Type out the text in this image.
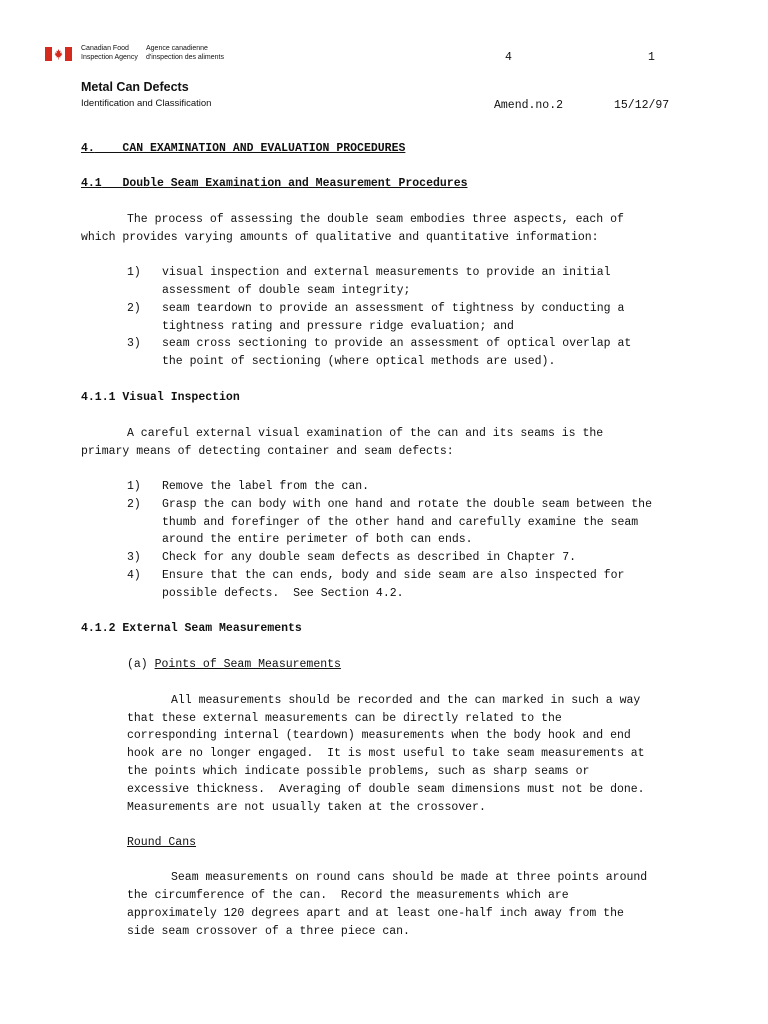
Canadian Food
Inspection Agency
Agence canadienne
d'inspection des aliments	4	1
Metal Can Defects
Identification and Classification	Amend.no.2	15/12/97
4. CAN EXAMINATION AND EVALUATION PROCEDURES
4.1 Double Seam Examination and Measurement Procedures
The process of assessing the double seam embodies three aspects, each of
which provides varying amounts of qualitative and quantitative information:
1) visual inspection and external measurements to provide an initial
assessment of double seam integrity;
2) seam teardown to provide an assessment of tightness by conducting a
tightness rating and pressure ridge evaluation; and
3) seam cross sectioning to provide an assessment of optical overlap at
the point of sectioning (where optical methods are used).
4.1.1 Visual Inspection
A careful external visual examination of the can and its seams is the
primary means of detecting container and seam defects:
1) Remove the label from the can.
2) Grasp the can body with one hand and rotate the double seam between the
thumb and forefinger of the other hand and carefully examine the seam
around the entire perimeter of both can ends.
3) Check for any double seam defects as described in Chapter 7.
4) Ensure that the can ends, body and side seam are also inspected for
possible defects.  See Section 4.2.
4.1.2 External Seam Measurements
(a) Points of Seam Measurements
All measurements should be recorded and the can marked in such a way
that these external measurements can be directly related to the
corresponding internal (teardown) measurements when the body hook and end
hook are no longer engaged.  It is most useful to take seam measurements at
the points which indicate possible problems, such as sharp seams or
excessive thickness.  Averaging of double seam dimensions must not be done.
Measurements are not usually taken at the crossover.
Round Cans
Seam measurements on round cans should be made at three points around
the circumference of the can.  Record the measurements which are
approximately 120 degrees apart and at least one-half inch away from the
side seam crossover of a three piece can.
